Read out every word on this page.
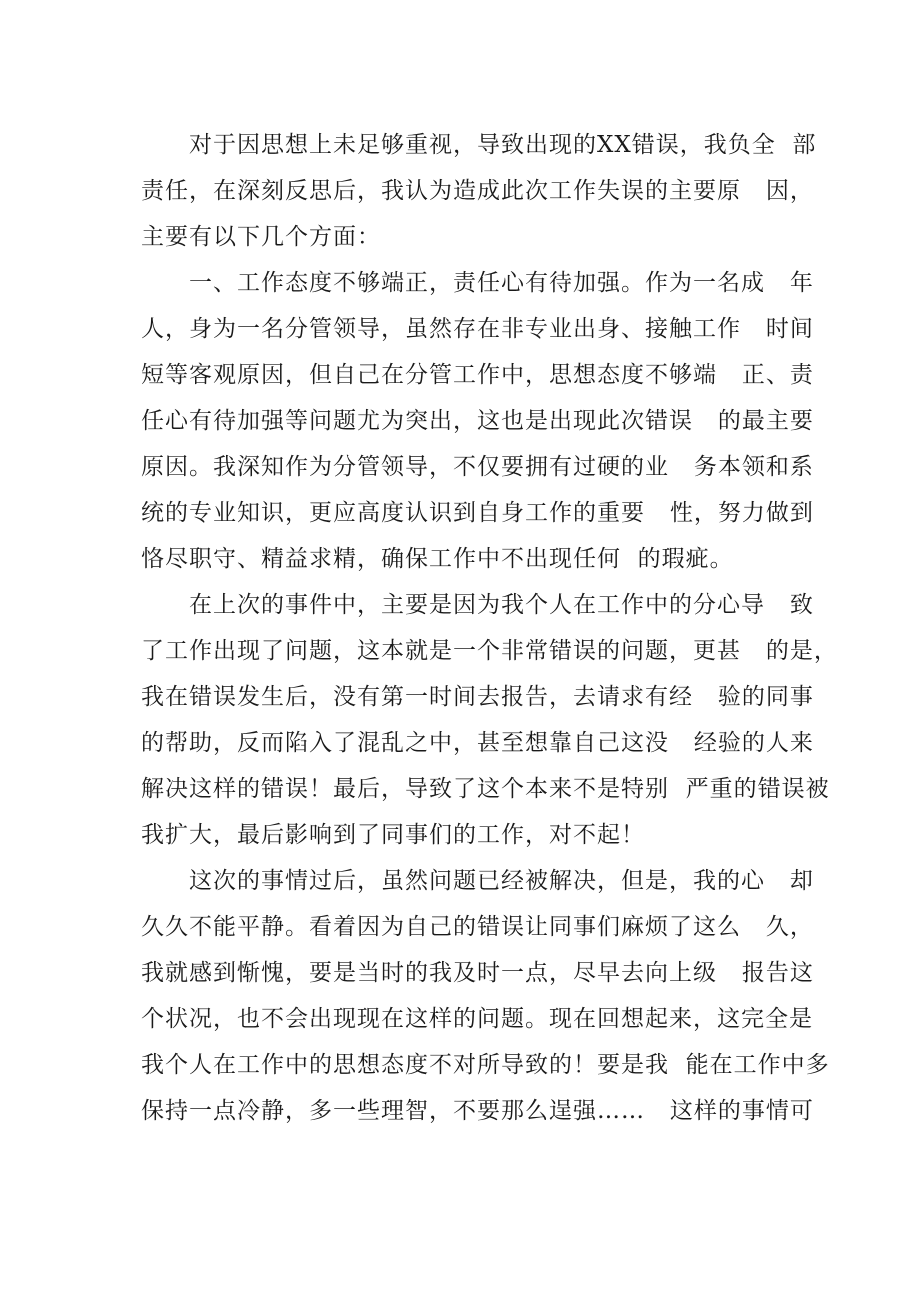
对于因思想上未足够重视，导致出现的XX错误，我负全  部
责任，在深刻反思后，我认为造成此次工作失误的主要原   因，
主要有以下几个方面：
一、工作态度不够端正，责任心有待加强。作为一名成   年
人，身为一名分管领导，虽然存在非专业出身、接触工作   时间
短等客观原因，但自己在分管工作中，思想态度不够端   正、责
任心有待加强等问题尤为突出，这也是出现此次错误   的最主要
原因。我深知作为分管领导，不仅要拥有过硬的业   务本领和系
统的专业知识，更应高度认识到自身工作的重要   性，努力做到
恪尽职守、精益求精，确保工作中不出现任何  的瑕疵。
在上次的事件中，主要是因为我个人在工作中的分心导   致
了工作出现了问题，这本就是一个非常错误的问题，更甚   的是，
我在错误发生后，没有第一时间去报告，去请求有经   验的同事
的帮助，反而陷入了混乱之中，甚至想靠自己这没   经验的人来
解决这样的错误！最后，导致了这个本来不是特别  严重的错误被
我扩大，最后影响到了同事们的工作，对不起！
这次的事情过后，虽然问题已经被解决，但是，我的心   却
久久不能平静。看着因为自己的错误让同事们麻烦了这么   久，
我就感到惭愧，要是当时的我及时一点，尽早去向上级   报告这
个状况，也不会出现现在这样的问题。现在回想起来，这完全是
我个人在工作中的思想态度不对所导致的！要是我  能在工作中多
保持一点冷静，多一些理智，不要那么逞强……   这样的事情可
